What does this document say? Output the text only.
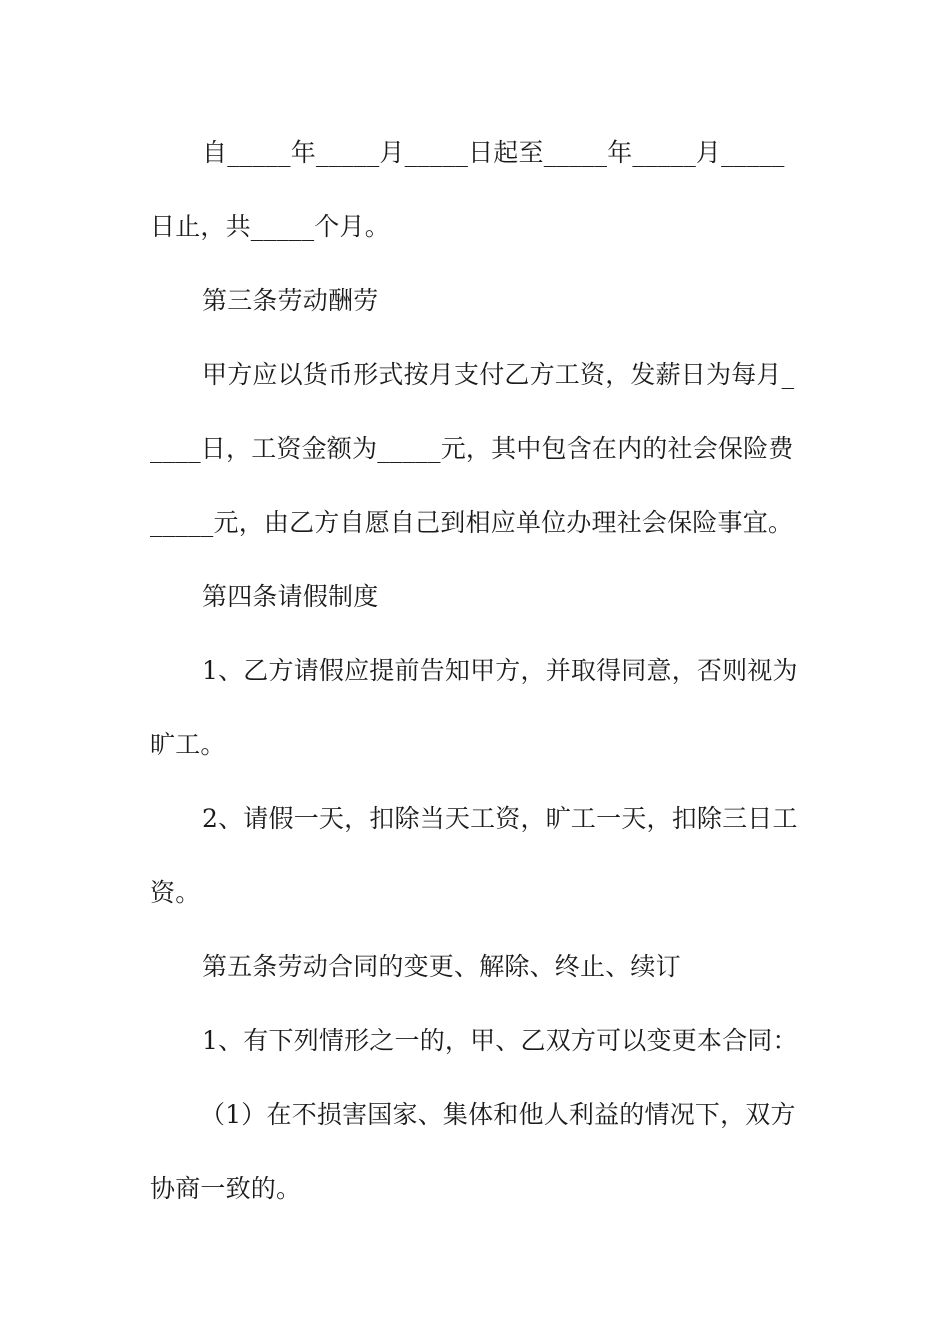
自_____年_____月_____日起至_____年_____月_____
日止，共_____个月。
第三条劳动酬劳
甲方应以货币形式按月支付乙方工资，发薪日为每月_
____日，工资金额为_____元，其中包含在内的社会保险费
_____元，由乙方自愿自己到相应单位办理社会保险事宜。
第四条请假制度
1、乙方请假应提前告知甲方，并取得同意，否则视为
旷工。
2、请假一天，扣除当天工资，旷工一天，扣除三日工
资。
第五条劳动合同的变更、解除、终止、续订
1、有下列情形之一的，甲、乙双方可以变更本合同：
（1）在不损害国家、集体和他人利益的情况下，双方
协商一致的。
